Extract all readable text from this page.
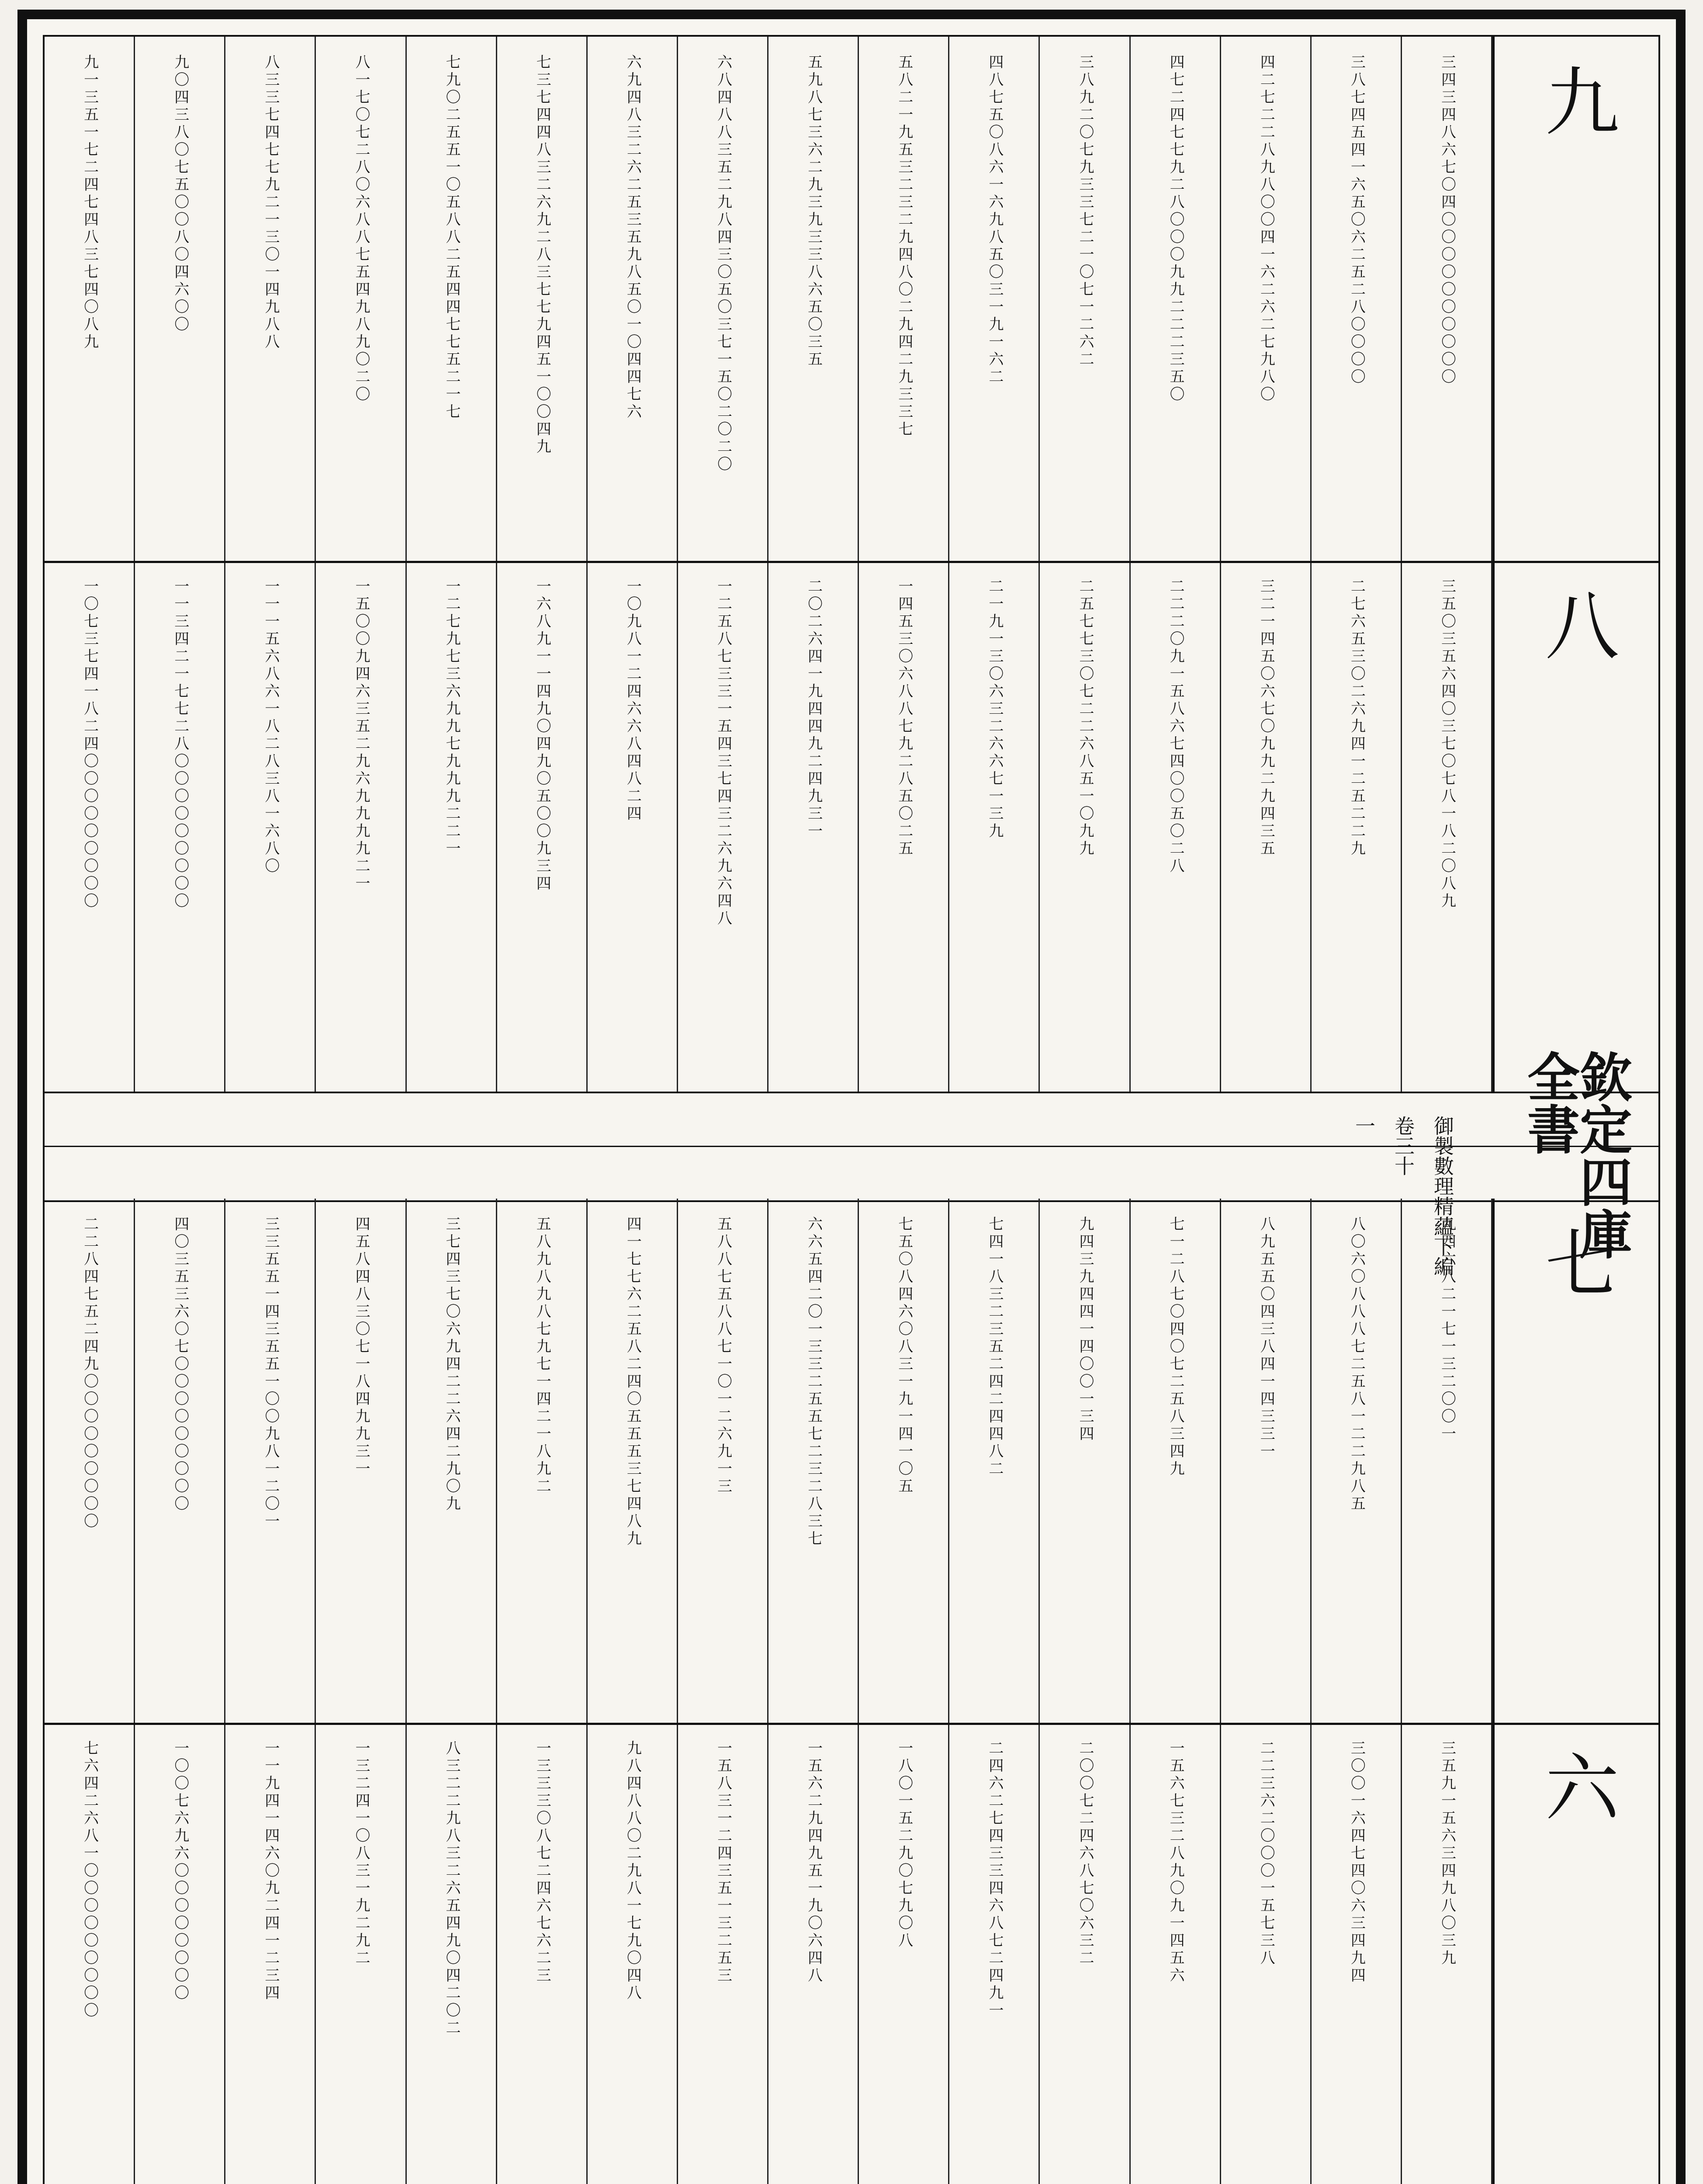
九一三五一七二四七四八三七四〇八九
一〇七三七四一八二四〇〇〇〇〇〇〇〇〇
九〇四三八〇七五〇〇八〇四六〇〇
一一三四二一七七二八〇〇〇〇〇〇〇〇〇
八三三七四七七九二一三〇一四九八八
一一一五六八六一八二八三八一六八〇
八一七〇七二八〇六八八七五四九八九〇二〇
一五〇〇九四六三五二九六九九九九二一
七九〇二五五一〇五八八二五四四七七五二一七
一二七九七三六九九七九九九二二一
七三七四四八三二六九二八三七七九四五一〇〇四九
一六八九一一四九〇四九〇五〇〇九三四
六九四八三二六二五三五九八五〇一〇四四七六
一〇九八一二四六六八四八二四
六八四八八三五二九八四三〇五〇三七一五〇二〇二〇
一二五八七三三一五四三七四三二六九六四八
五九八七三六二九三九三三八六五〇三五
二〇二六四一九四四九二四九三一
五八二一九五三二三二九四八〇二九四二九三三七
一四五三〇六八八七九二八五〇二五
四八七五〇八六一六九八五〇三一九一六二
二一九一三〇六三二六六七一三九
三八九二〇七九三三七二一〇七一二六二
二五七七三〇七二二六八五一〇九九
四七二四七七九二八〇〇〇九九二二二三五〇
二二二〇九一五八六七四〇〇五〇二八
四二七二二八九八〇〇四一六二六二七九八〇
三二一四五〇六七〇九九二九四三五
三八七四五四一六五〇六二五二八〇〇〇〇
二七六五三〇二六九四一二五二二九
三四三四八六七〇四〇〇〇〇〇〇〇〇〇〇
三五〇三五六四〇三七〇七八一八二〇八九 八
二二八四七五二四九〇〇〇〇〇〇〇〇〇
七六四二六八一〇〇〇〇〇〇〇〇〇
四〇三五三六〇七〇〇〇〇〇〇〇〇〇
一〇〇七六九六〇〇〇〇〇〇〇〇
三三五五一四三五五一〇〇九八一二〇一
一一九四一四六〇九二四一二三四
四五八四八三〇七一八四九九三一
一三二四一〇八三一九二九二
三七四三七〇六九四二二六四二九〇九
八三二二九八三二六五四九〇四二〇二
五八九八九八七九七一四二一八九二
一三三三〇八七二四六七六二三
四一七七六二五八二四〇五五五三七四八九
九八四八八〇二九八一七九〇四八
五八八七五八八七一〇一二六九一三
一五八三一二四三五一三二五三
六六五四二〇一三三二五五七二三二八三七
一五六二九四九五一九〇六四八
七五〇八四六〇八三一九一四一〇五
一八〇一五二九〇七九〇八
七四一八三二三五二四二四四八二
二四六二七四三三四六八七二四九一
九四三九四四一四〇〇一三四
二〇〇七二四六八七〇六三二
七一二八七〇四〇七二五八三四九
一五六七三二八九〇九一四五六
八九五五〇四三八四一四三三一
二二三六二〇〇〇一五七三八
八〇六〇八八八七二五八一二二九八五
三〇〇一六四七四〇六三四九四
九四六八二一七一三二〇〇一
三五九一五六三四九八〇三九 六
九
七
欽定四庫全書
御製數理精蘊下編
卷三十
一
